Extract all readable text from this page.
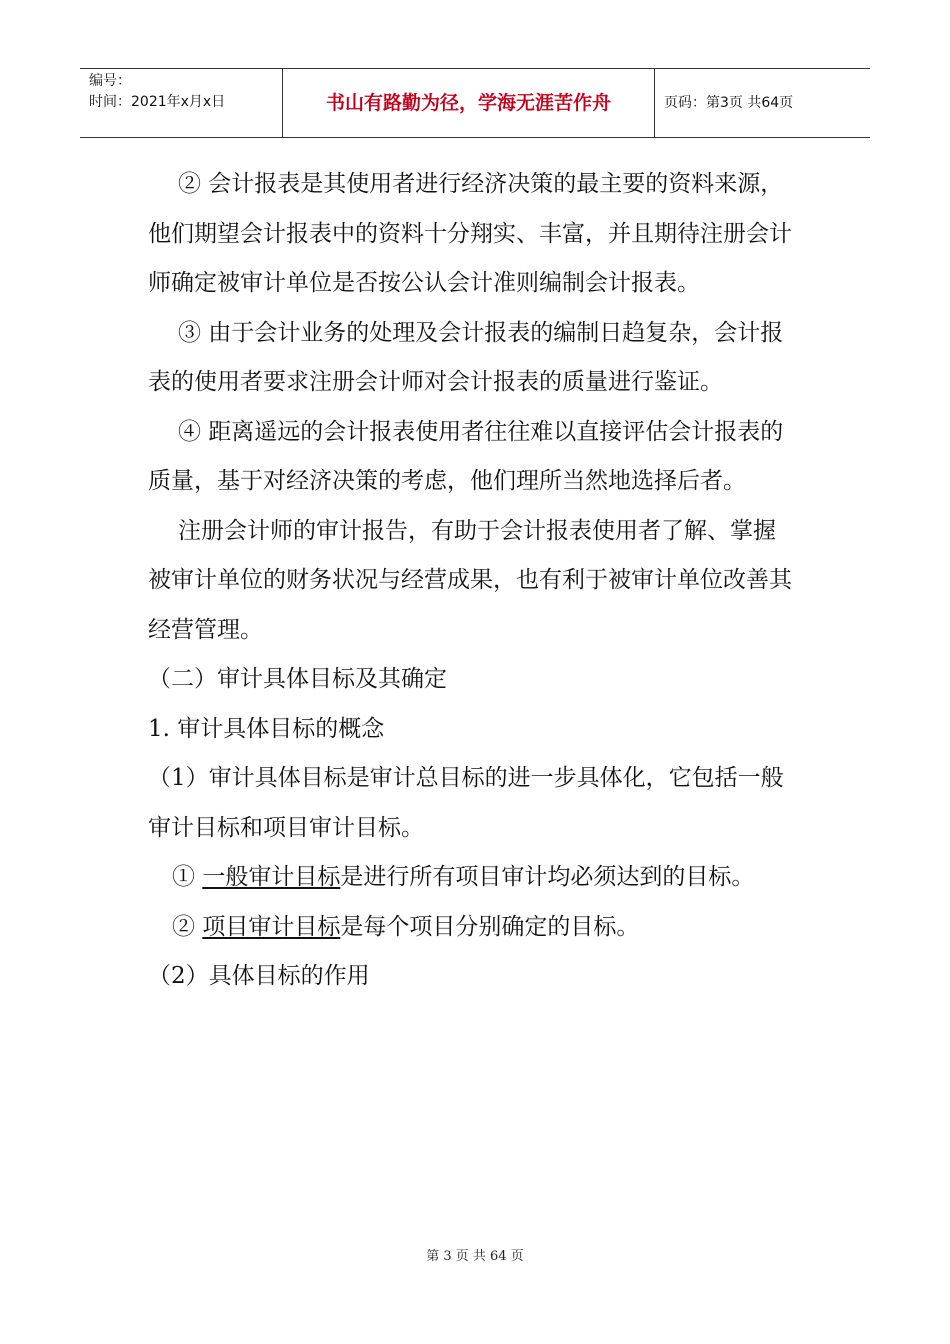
编号：
时间：2021年x月x日	书山有路勤为径，学海无涯苦作舟	页码：第3页 共64页

② 会计报表是其使用者进行经济决策的最主要的资料来源，他们期望会计报表中的资料十分翔实、丰富，并且期待注册会计师确定被审计单位是否按公认会计准则编制会计报表。

③ 由于会计业务的处理及会计报表的编制日趋复杂，会计报表的使用者要求注册会计师对会计报表的质量进行鉴证。

④ 距离遥远的会计报表使用者往往难以直接评估会计报表的质量，基于对经济决策的考虑，他们理所当然地选择后者。

注册会计师的审计报告，有助于会计报表使用者了解、掌握被审计单位的财务状况与经营成果，也有利于被审计单位改善其经营管理。

（二）审计具体目标及其确定

1. 审计具体目标的概念

（1）审计具体目标是审计总目标的进一步具体化，它包括一般审计目标和项目审计目标。

① 一般审计目标是进行所有项目审计均必须达到的目标。

② 项目审计目标是每个项目分别确定的目标。

（2）具体目标的作用

第 3 页 共 64 页
